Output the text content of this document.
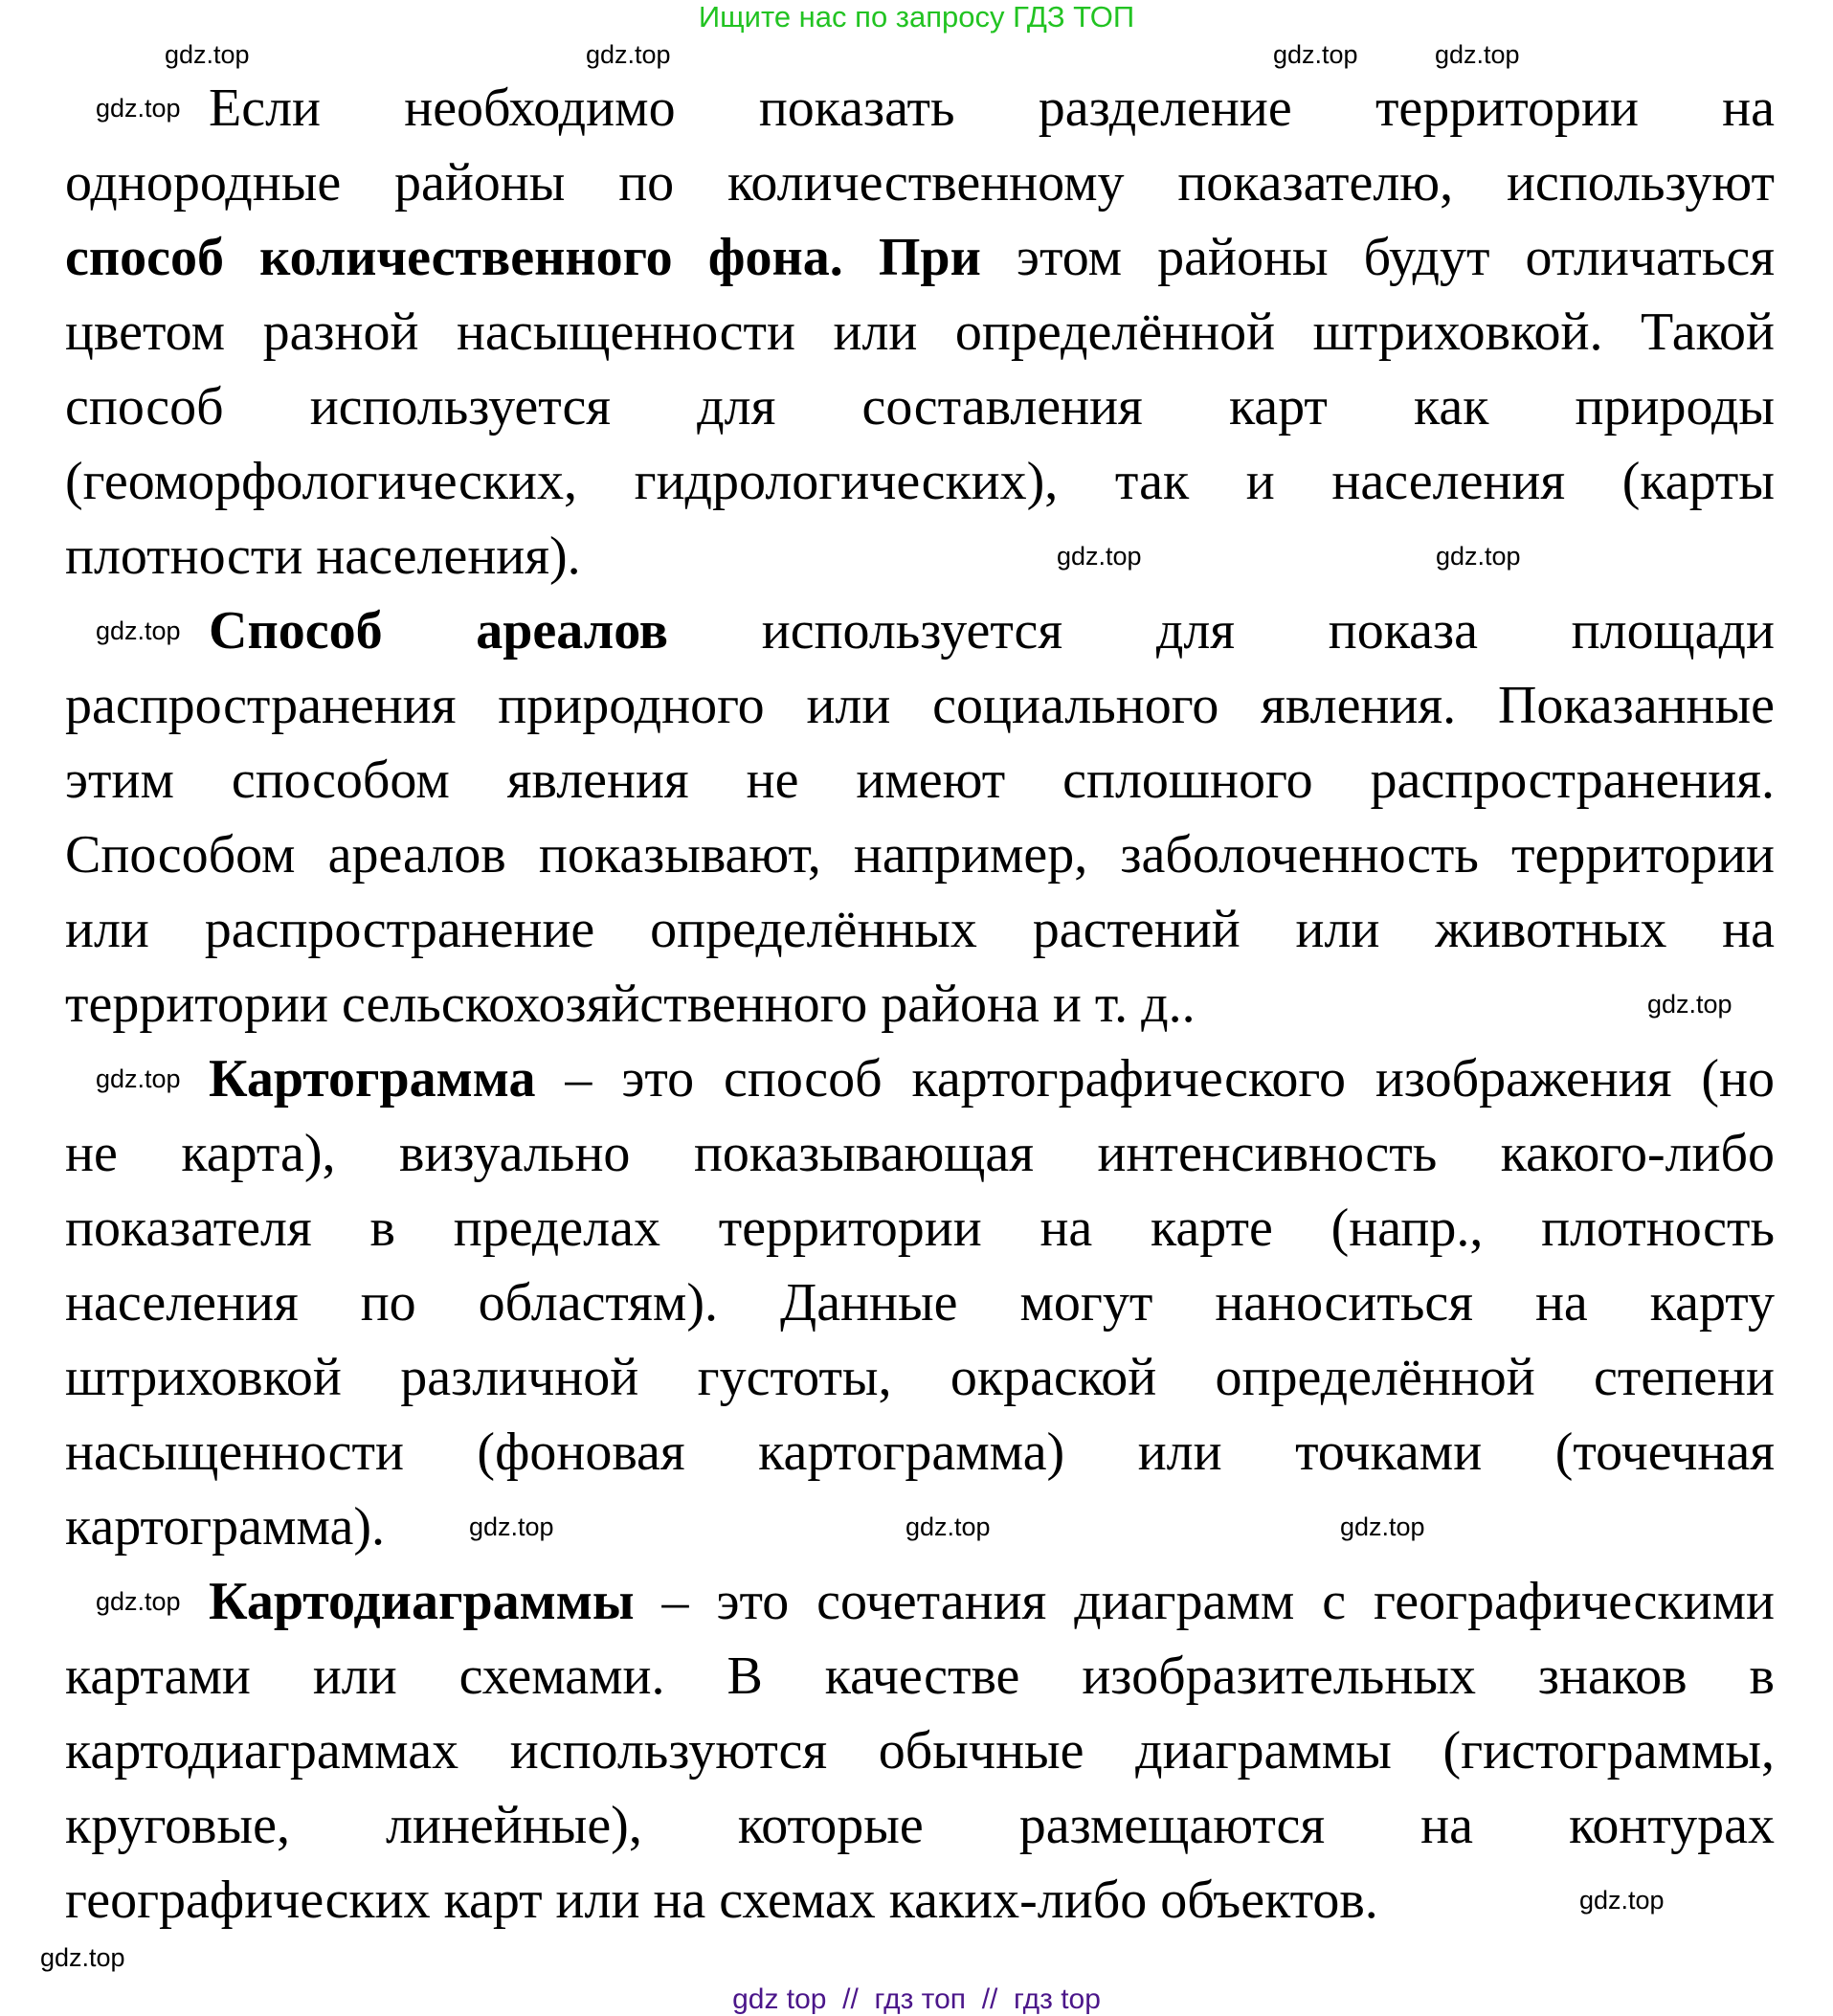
Ищите нас по запросу ГДЗ ТОП
Если необходимо показать разделение территории на
однородные районы по количественному показателю, используют
способ количественного фона. При этом районы будут отличаться
цветом разной насыщенности или определённой штриховкой. Такой
способ используется для составления карт как природы
(геоморфологических, гидрологических), так и населения (карты
плотности населения).
Способ ареалов используется для показа площади
распространения природного или социального явления. Показанные
этим способом явления не имеют сплошного распространения.
Способом ареалов показывают, например, заболоченность территории
или распространение определённых растений или животных на
территории сельскохозяйственного района и т. д..
Картограмма – это способ картографического изображения (но
не карта), визуально показывающая интенсивность какого-либо
показателя в пределах территории на карте (напр., плотность
населения по областям). Данные могут наноситься на карту
штриховкой различной густоты, окраской определённой степени
насыщенности (фоновая картограмма) или точками (точечная
картограмма).
Картодиаграммы – это сочетания диаграмм с географическими
картами или схемами. В качестве изобразительных знаков в
картодиаграммах используются обычные диаграммы (гистограммы,
круговые, линейные), которые размещаются на контурах
географических карт или на схемах каких-либо объектов.
gdz.top	gdz.top	gdz.top	gdz.top
gdz.top
gdz.top	gdz.top
gdz.top
gdz.top
gdz.top
gdz.top	gdz.top	gdz.top
gdz.top
gdz.top
gdz.top
gdz top  //  гдз топ  //  гдз top
